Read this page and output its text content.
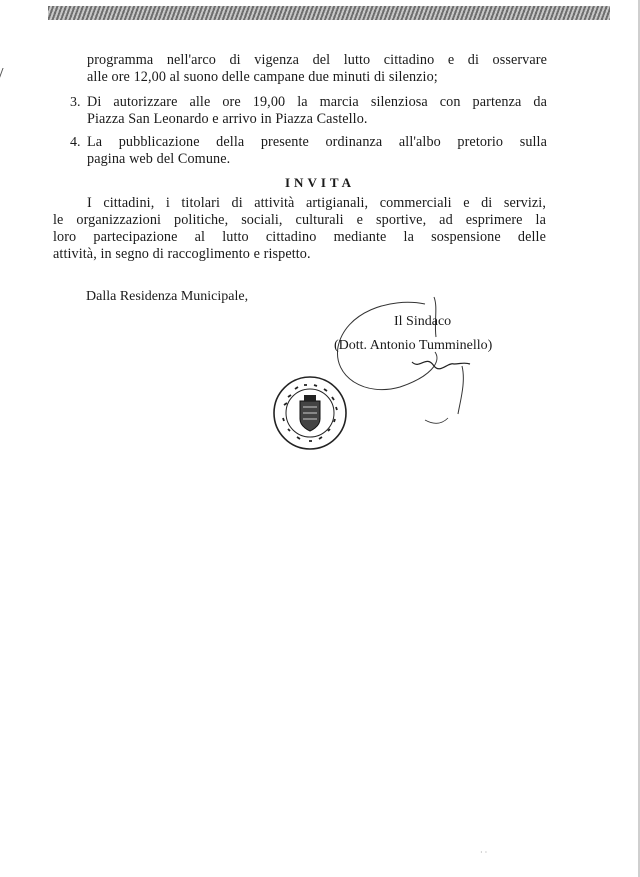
programma nell'arco di vigenza del lutto cittadino e di osservare
alle ore 12,00 al suono delle campane due minuti di silenzio;
3. Di autorizzare alle ore 19,00 la marcia silenziosa con partenza da
Piazza San Leonardo e arrivo in Piazza Castello.
4. La pubblicazione della presente ordinanza all'albo pretorio sulla
pagina web del Comune.
INVITA
I cittadini, i titolari di attività artigianali, commerciali e di servizi,
le organizzazioni politiche, sociali, culturali e sportive, ad esprimere la
loro partecipazione al lutto cittadino mediante la sospensione delle
attività, in segno di raccoglimento e rispetto.
Dalla Residenza Municipale,
Il Sindaco
(Dott. Antonio Tumminello)
· ·
